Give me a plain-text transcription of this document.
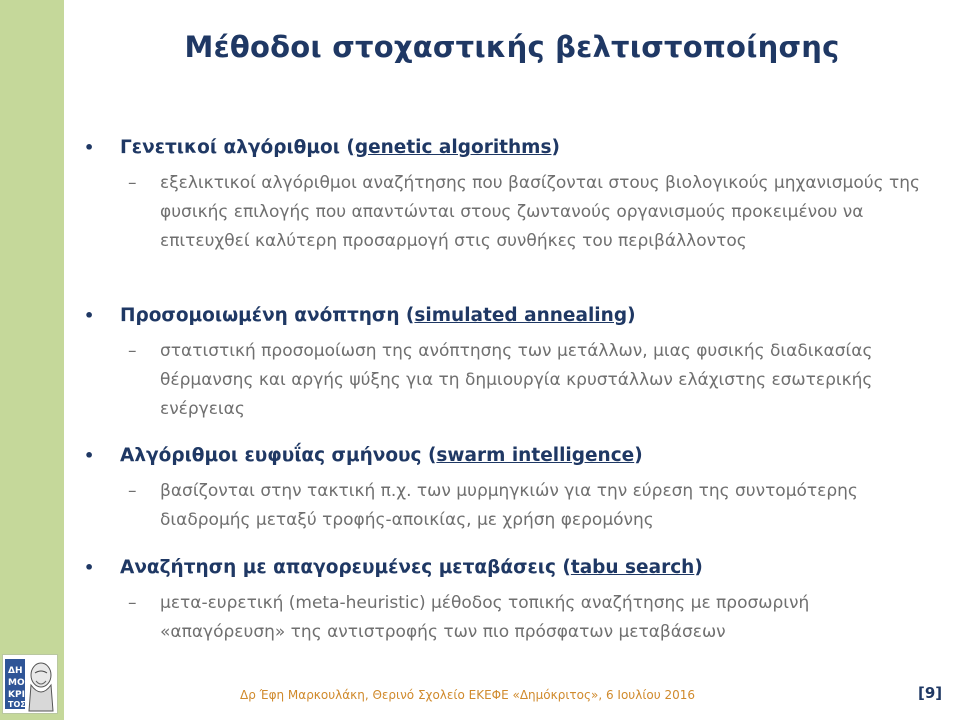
ΔΗ
ΜΟ
ΚΡΙ
ΤΟΣ
Μέθοδοι στοχαστικής βελτιστοποίησης
• Γενετικοί αλγόριθμοι (genetic algorithms)
– εξελικτικοί αλγόριθμοι αναζήτησης που βασίζονται στους βιολογικούς μηχανισμούς της φυσικής επιλογής που απαντώνται στους ζωντανούς οργανισμούς προκειμένου να επιτευχθεί καλύτερη προσαρμογή στις συνθήκες του περιβάλλοντος
• Προσομοιωμένη ανόπτηση (simulated annealing)
– στατιστική προσομοίωση της ανόπτησης των μετάλλων, μιας φυσικής διαδικασίας θέρμανσης και αργής ψύξης για τη δημιουργία κρυστάλλων ελάχιστης εσωτερικής ενέργειας
• Αλγόριθμοι ευφυΐας σμήνους (swarm intelligence)
– βασίζονται στην τακτική π.χ. των μυρμηγκιών για την εύρεση της συντομότερης διαδρομής μεταξύ τροφής-αποικίας, με χρήση φερομόνης
• Αναζήτηση με απαγορευμένες μεταβάσεις (tabu search)
– μετα-ευρετική (meta-heuristic) μέθοδος τοπικής αναζήτησης με προσωρινή «απαγόρευση» της αντιστροφής των πιο πρόσφατων μεταβάσεων
Δρ Έφη Μαρκουλάκη, Θερινό Σχολείο ΕΚΕΦΕ «Δημόκριτος», 6 Ιουλίου 2016	[9]
